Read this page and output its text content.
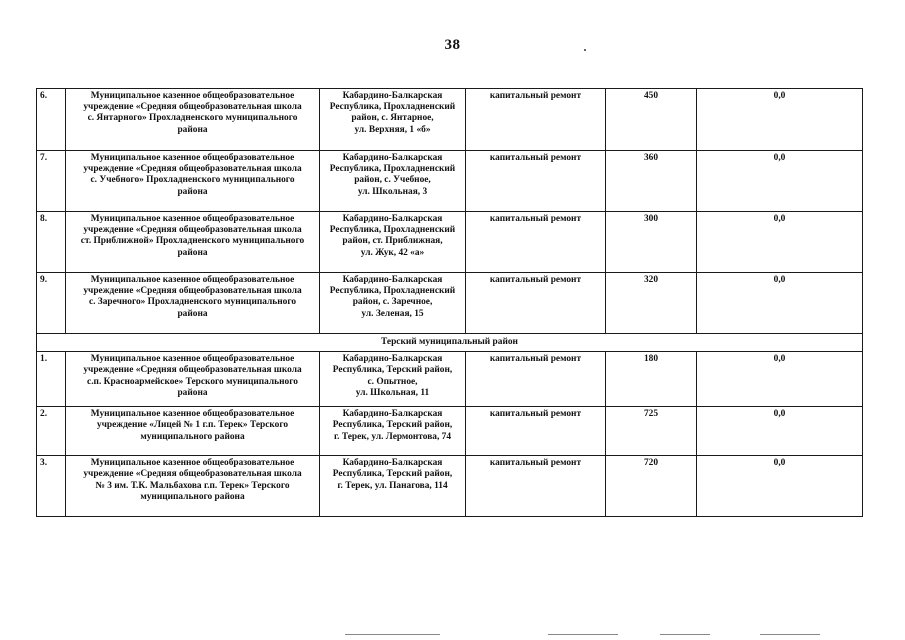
38
6.	Муниципальное казенное общеобразовательное
учреждение «Средняя общеобразовательная школа
с. Янтарного» Прохладненского муниципального
района	Кабардино-Балкарская
Республика, Прохладненский
район, с. Янтарное,
ул. Верхняя, 1 «б»	капитальный ремонт	450	0,0
7.	Муниципальное казенное общеобразовательное
учреждение «Средняя общеобразовательная школа
с. Учебного» Прохладненского муниципального
района	Кабардино-Балкарская
Республика, Прохладненский
район, с. Учебное,
ул. Школьная, 3	капитальный ремонт	360	0,0
8.	Муниципальное казенное общеобразовательное
учреждение «Средняя общеобразовательная школа
ст. Приближной» Прохладненского муниципального
района	Кабардино-Балкарская
Республика, Прохладненский
район, ст. Приближная,
ул. Жук, 42 «а»	капитальный ремонт	300	0,0
9.	Муниципальное казенное общеобразовательное
учреждение «Средняя общеобразовательная школа
с. Заречного» Прохладненского муниципального
района	Кабардино-Балкарская
Республика, Прохладненский
район, с. Заречное,
ул. Зеленая, 15	капитальный ремонт	320	0,0
Терский муниципальный район					
1.	Муниципальное казенное общеобразовательное
учреждение «Средняя общеобразовательная школа
с.п. Красноармейское» Терского муниципального
района	Кабардино-Балкарская
Республика, Терский район,
с. Опытное,
ул. Школьная, 11	капитальный ремонт	180	0,0
2.	Муниципальное казенное общеобразовательное
учреждение «Лицей № 1 г.п. Терек» Терского
муниципального района	Кабардино-Балкарская
Республика, Терский район,
г. Терек, ул. Лермонтова, 74	капитальный ремонт	725	0,0
3.	Муниципальное казенное общеобразовательное
учреждение «Средняя общеобразовательная школа
№ 3 им. Т.К. Мальбахова г.п. Терек» Терского
муниципального района	Кабардино-Балкарская
Республика, Терский район,
г. Терек, ул. Панагова, 114	капитальный ремонт	720	0,0
